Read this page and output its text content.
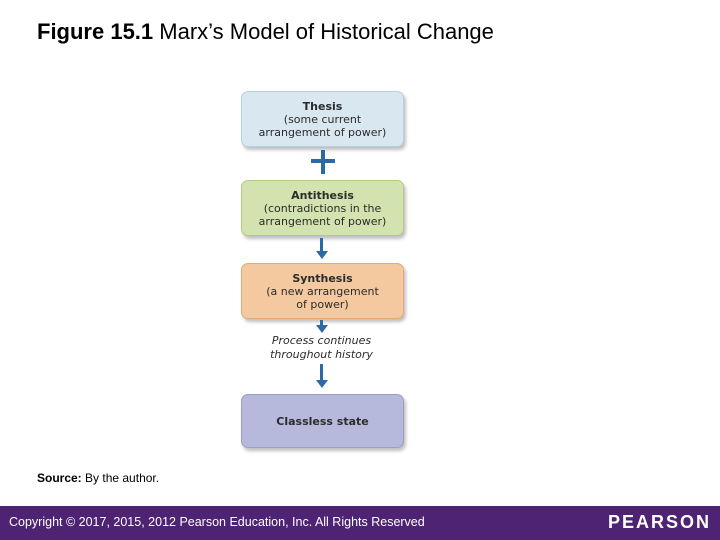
Figure 15.1 Marx’s Model of Historical Change
Thesis
(some current
arrangement of power)
Antithesis
(contradictions in the
arrangement of power)
Synthesis
(a new arrangement
of power)
Process continues
throughout history
Classless state
Source: By the author.
Copyright © 2017, 2015, 2012 Pearson Education, Inc. All Rights Reserved	PEARSON
